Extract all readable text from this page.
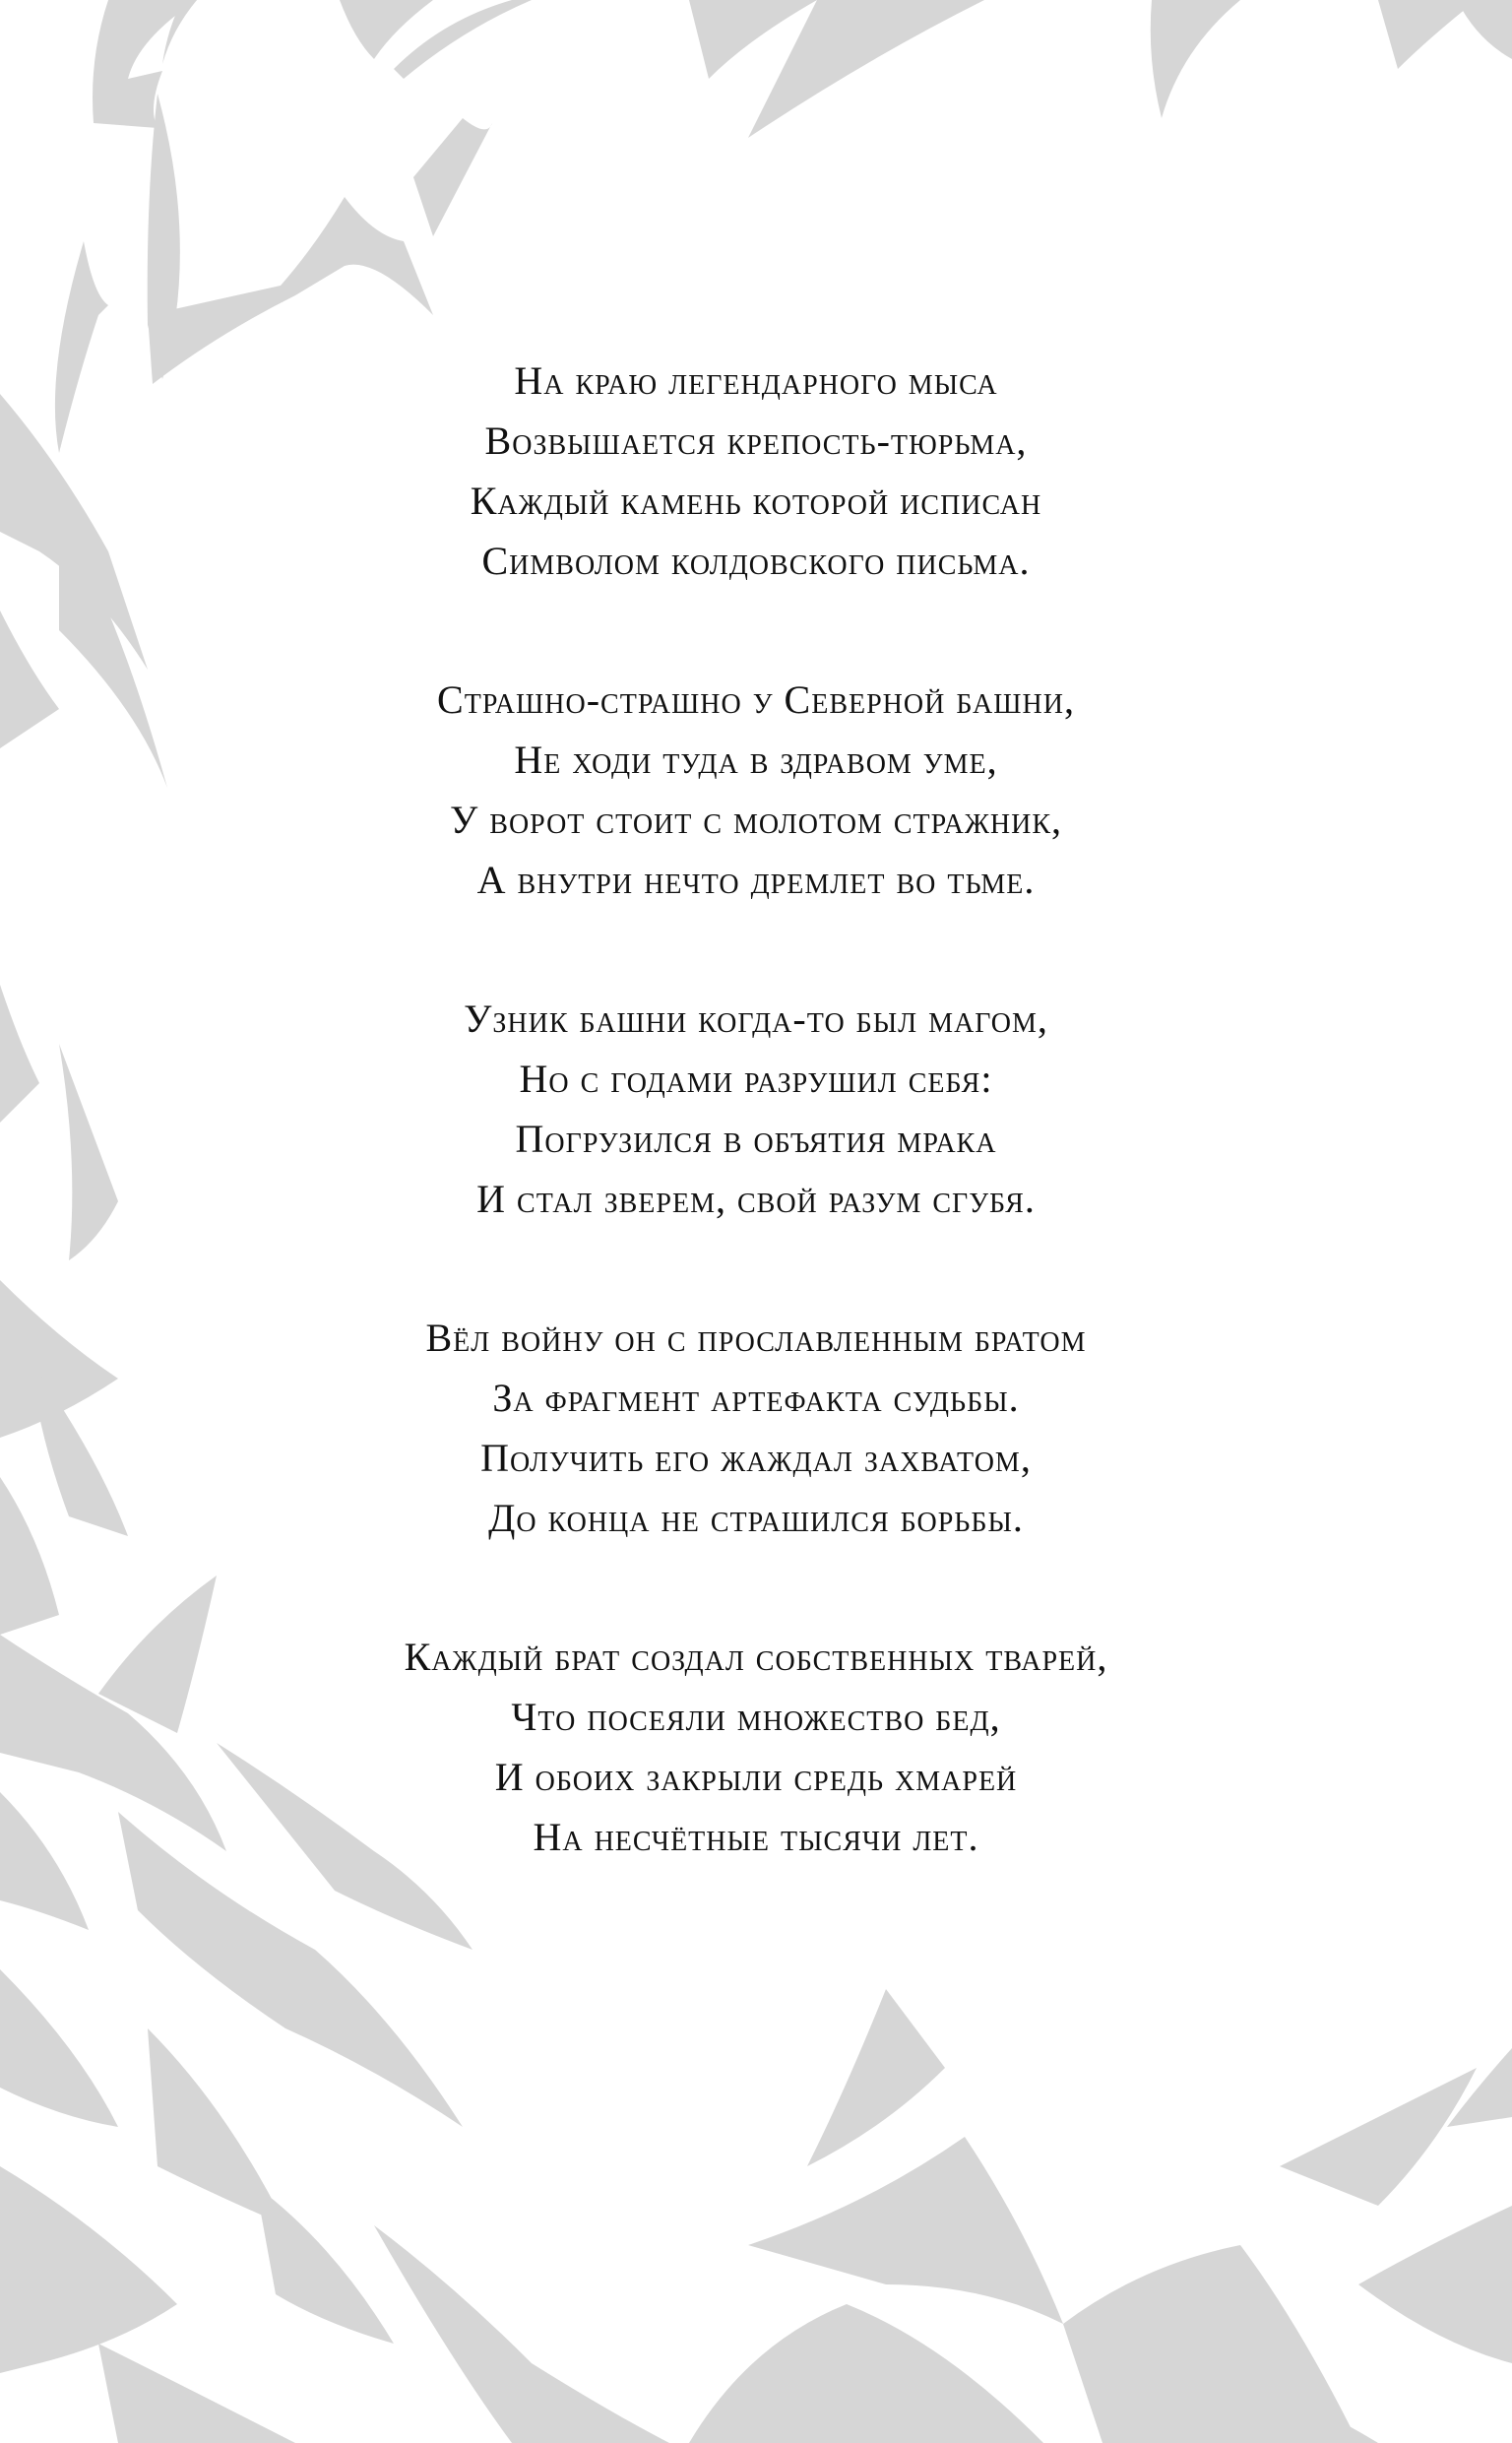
На краю легендарного мыса
Возвышается крепость-тюрьма,
Каждый камень которой исписан
Символом колдовского письма.
Страшно-страшно у Северной башни,
Не ходи туда в здравом уме,
У ворот стоит с молотом стражник,
А внутри нечто дремлет во тьме.
Узник башни когда-то был магом,
Но с годами разрушил себя:
Погрузился в объятия мрака
И стал зверем, свой разум сгубя.
Вёл войну он с прославленным братом
За фрагмент артефакта судьбы.
Получить его жаждал захватом,
До конца не страшился борьбы.
Каждый брат создал собственных тварей,
Что посеяли множество бед,
И обоих закрыли средь хмарей
На несчётные тысячи лет.
